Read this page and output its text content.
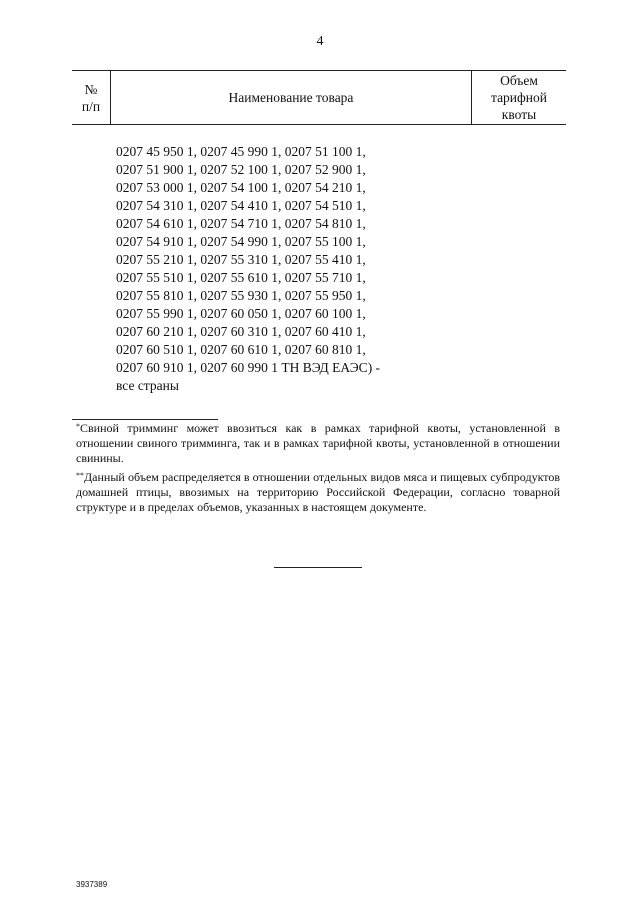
4
№
п/п
Наименование товара
Объем
тарифной
квоты
0207 45 950 1, 0207 45 990 1, 0207 51 100 1,
0207 51 900 1, 0207 52 100 1, 0207 52 900 1,
0207 53 000 1, 0207 54 100 1, 0207 54 210 1,
0207 54 310 1, 0207 54 410 1, 0207 54 510 1,
0207 54 610 1, 0207 54 710 1, 0207 54 810 1,
0207 54 910 1, 0207 54 990 1, 0207 55 100 1,
0207 55 210 1, 0207 55 310 1, 0207 55 410 1,
0207 55 510 1, 0207 55 610 1, 0207 55 710 1,
0207 55 810 1, 0207 55 930 1, 0207 55 950 1,
0207 55 990 1, 0207 60 050 1, 0207 60 100 1,
0207 60 210 1, 0207 60 310 1, 0207 60 410 1,
0207 60 510 1, 0207 60 610 1, 0207 60 810 1,
0207 60 910 1, 0207 60 990 1 ТН ВЭД ЕАЭС) -
все страны

*Свиной тримминг может ввозиться как в рамках тарифной квоты, установленной в отношении свиного тримминга, так и в рамках тарифной квоты, установленной в отношении свинины.

**Данный объем распределяется в отношении отдельных видов мяса и пищевых субпродуктов домашней птицы, ввозимых на территорию Российской Федерации, согласно товарной структуре и в пределах объемов, указанных в настоящем документе.

3937389
